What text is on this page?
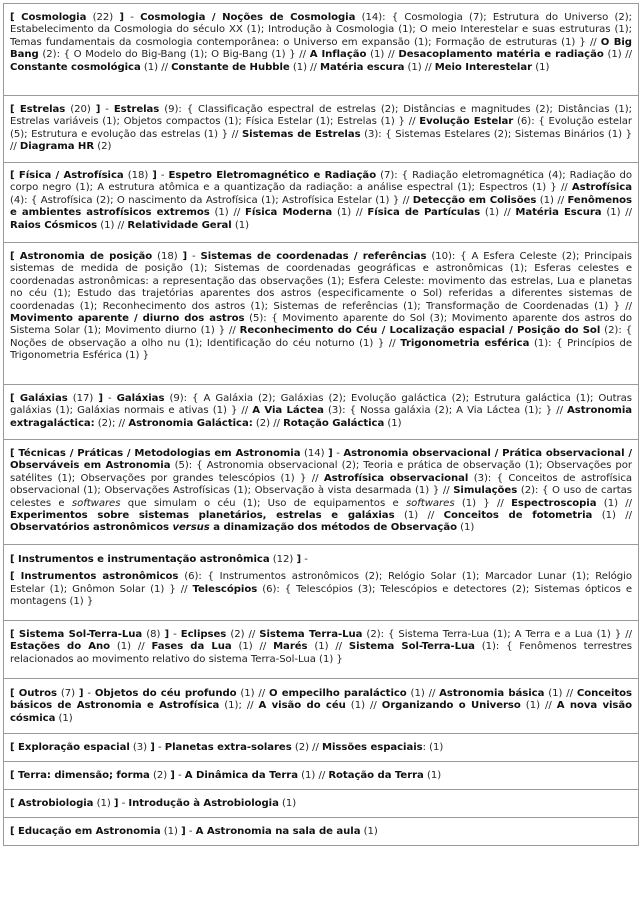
[ Cosmologia (22) ] - Cosmologia / Noções de Cosmologia (14): { Cosmologia (7); Estrutura do Universo (2); Estabelecimento da Cosmologia do século XX (1); Introdução à Cosmologia (1); O meio Interestelar e suas estruturas (1); Temas fundamentais da cosmologia contemporânea: o Universo em expansão (1); Formação de estruturas (1) } // O Big Bang (2): { O Modelo do Big-Bang (1); O Big-Bang (1) } // A Inflação (1) // Desacoplamento matéria e radiação (1) // Constante cosmológica (1) // Constante de Hubble (1) // Matéria escura (1) // Meio Interestelar (1)

[ Estrelas (20) ] - Estrelas (9): { Classificação espectral de estrelas (2); Distâncias e magnitudes (2); Distâncias (1); Estrelas variáveis (1); Objetos compactos (1); Física Estelar (1); Estrelas (1) } // Evolução Estelar (6): { Evolução estelar (5); Estrutura e evolução das estrelas (1) } // Sistemas de Estrelas (3): { Sistemas Estelares (2); Sistemas Binários (1) } // Diagrama HR (2)

[ Física / Astrofísica (18) ] - Espetro Eletromagnético e Radiação (7): { Radiação eletromagnética (4); Radiação do corpo negro (1); A estrutura atômica e a quantização da radiação: a análise espectral (1); Espectros (1) } // Astrofísica (4): { Astrofísica (2); O nascimento da Astrofísica (1); Astrofísica Estelar (1) } // Detecção em Colisões (1) // Fenômenos e ambientes astrofísicos extremos (1) // Física Moderna (1) // Física de Partículas (1) // Matéria Escura (1) // Raios Cósmicos (1) // Relatividade Geral (1)

[ Astronomia de posição (18) ] - Sistemas de coordenadas / referências (10): { A Esfera Celeste (2); Principais sistemas de medida de posição (1); Sistemas de coordenadas geográficas e astronômicas (1); Esferas celestes e coordenadas astronômicas: a representação das observações (1); Esfera Celeste: movimento das estrelas, Lua e planetas no céu (1); Estudo das trajetórias aparentes dos astros (especificamente o Sol) referidas a diferentes sistemas de coordenadas (1); Reconhecimento dos astros (1); Sistemas de referências (1); Transformação de Coordenadas (1) } // Movimento aparente / diurno dos astros (5): { Movimento aparente do Sol (3); Movimento aparente dos astros do Sistema Solar (1); Movimento diurno (1) } // Reconhecimento do Céu / Localização espacial / Posição do Sol (2): { Noções de observação a olho nu (1); Identificação do céu noturno (1) } // Trigonometria esférica (1): { Princípios de Trigonometria Esférica (1) }

[ Galáxias (17) ] - Galáxias (9): { A Galáxia (2); Galáxias (2); Evolução galáctica (2); Estrutura galáctica (1); Outras galáxias (1); Galáxias normais e ativas (1) } // A Via Láctea (3): { Nossa galáxia (2); A Via Láctea (1); } // Astronomia extragaláctica: (2); // Astronomia Galáctica: (2) // Rotação Galáctica (1)

[ Técnicas / Práticas / Metodologias em Astronomia (14) ] - Astronomia observacional / Prática observacional / Observáveis em Astronomia (5): { Astronomia observacional (2); Teoria e prática de observação (1); Observações por satélites (1); Observações por grandes telescópios (1) } // Astrofísica observacional (3): { Conceitos de astrofísica observacional (1); Observações Astrofísicas (1); Observação à vista desarmada (1) } // Simulações (2): { O uso de cartas celestes e softwares que simulam o céu (1); Uso de equipamentos e softwares (1) } // Espectroscopia (1) // Experimentos sobre sistemas planetários, estrelas e galáxias (1) // Conceitos de fotometria (1) // Observatórios astronômicos versus a dinamização dos métodos de Observação (1)

[ Instrumentos e instrumentação astronômica (12) ] -

[ Instrumentos astronômicos (6): { Instrumentos astronômicos (2); Relógio Solar (1); Marcador Lunar (1); Relógio Estelar (1); Gnômon Solar (1) } // Telescópios (6): { Telescópios (3); Telescópios e detectores (2); Sistemas ópticos e montagens (1) }

[ Sistema Sol-Terra-Lua (8) ] - Eclipses (2) // Sistema Terra-Lua (2): { Sistema Terra-Lua (1); A Terra e a Lua (1) } // Estações do Ano (1) // Fases da Lua (1) // Marés (1) // Sistema Sol-Terra-Lua (1): { Fenômenos terrestres relacionados ao movimento relativo do sistema Terra-Sol-Lua (1) }

[ Outros (7) ] - Objetos do céu profundo (1) // O empecilho paraláctico (1) // Astronomia básica (1) // Conceitos básicos de Astronomia e Astrofísica (1); // A visão do céu (1) // Organizando o Universo (1) // A nova visão cósmica (1)

[ Exploração espacial (3) ] - Planetas extra-solares (2) // Missões espaciais: (1)

[ Terra: dimensão; forma (2) ] - A Dinâmica da Terra (1) // Rotação da Terra (1)

[ Astrobiologia (1) ] - Introdução à Astrobiologia (1)

[ Educação em Astronomia (1) ] - A Astronomia na sala de aula (1)
